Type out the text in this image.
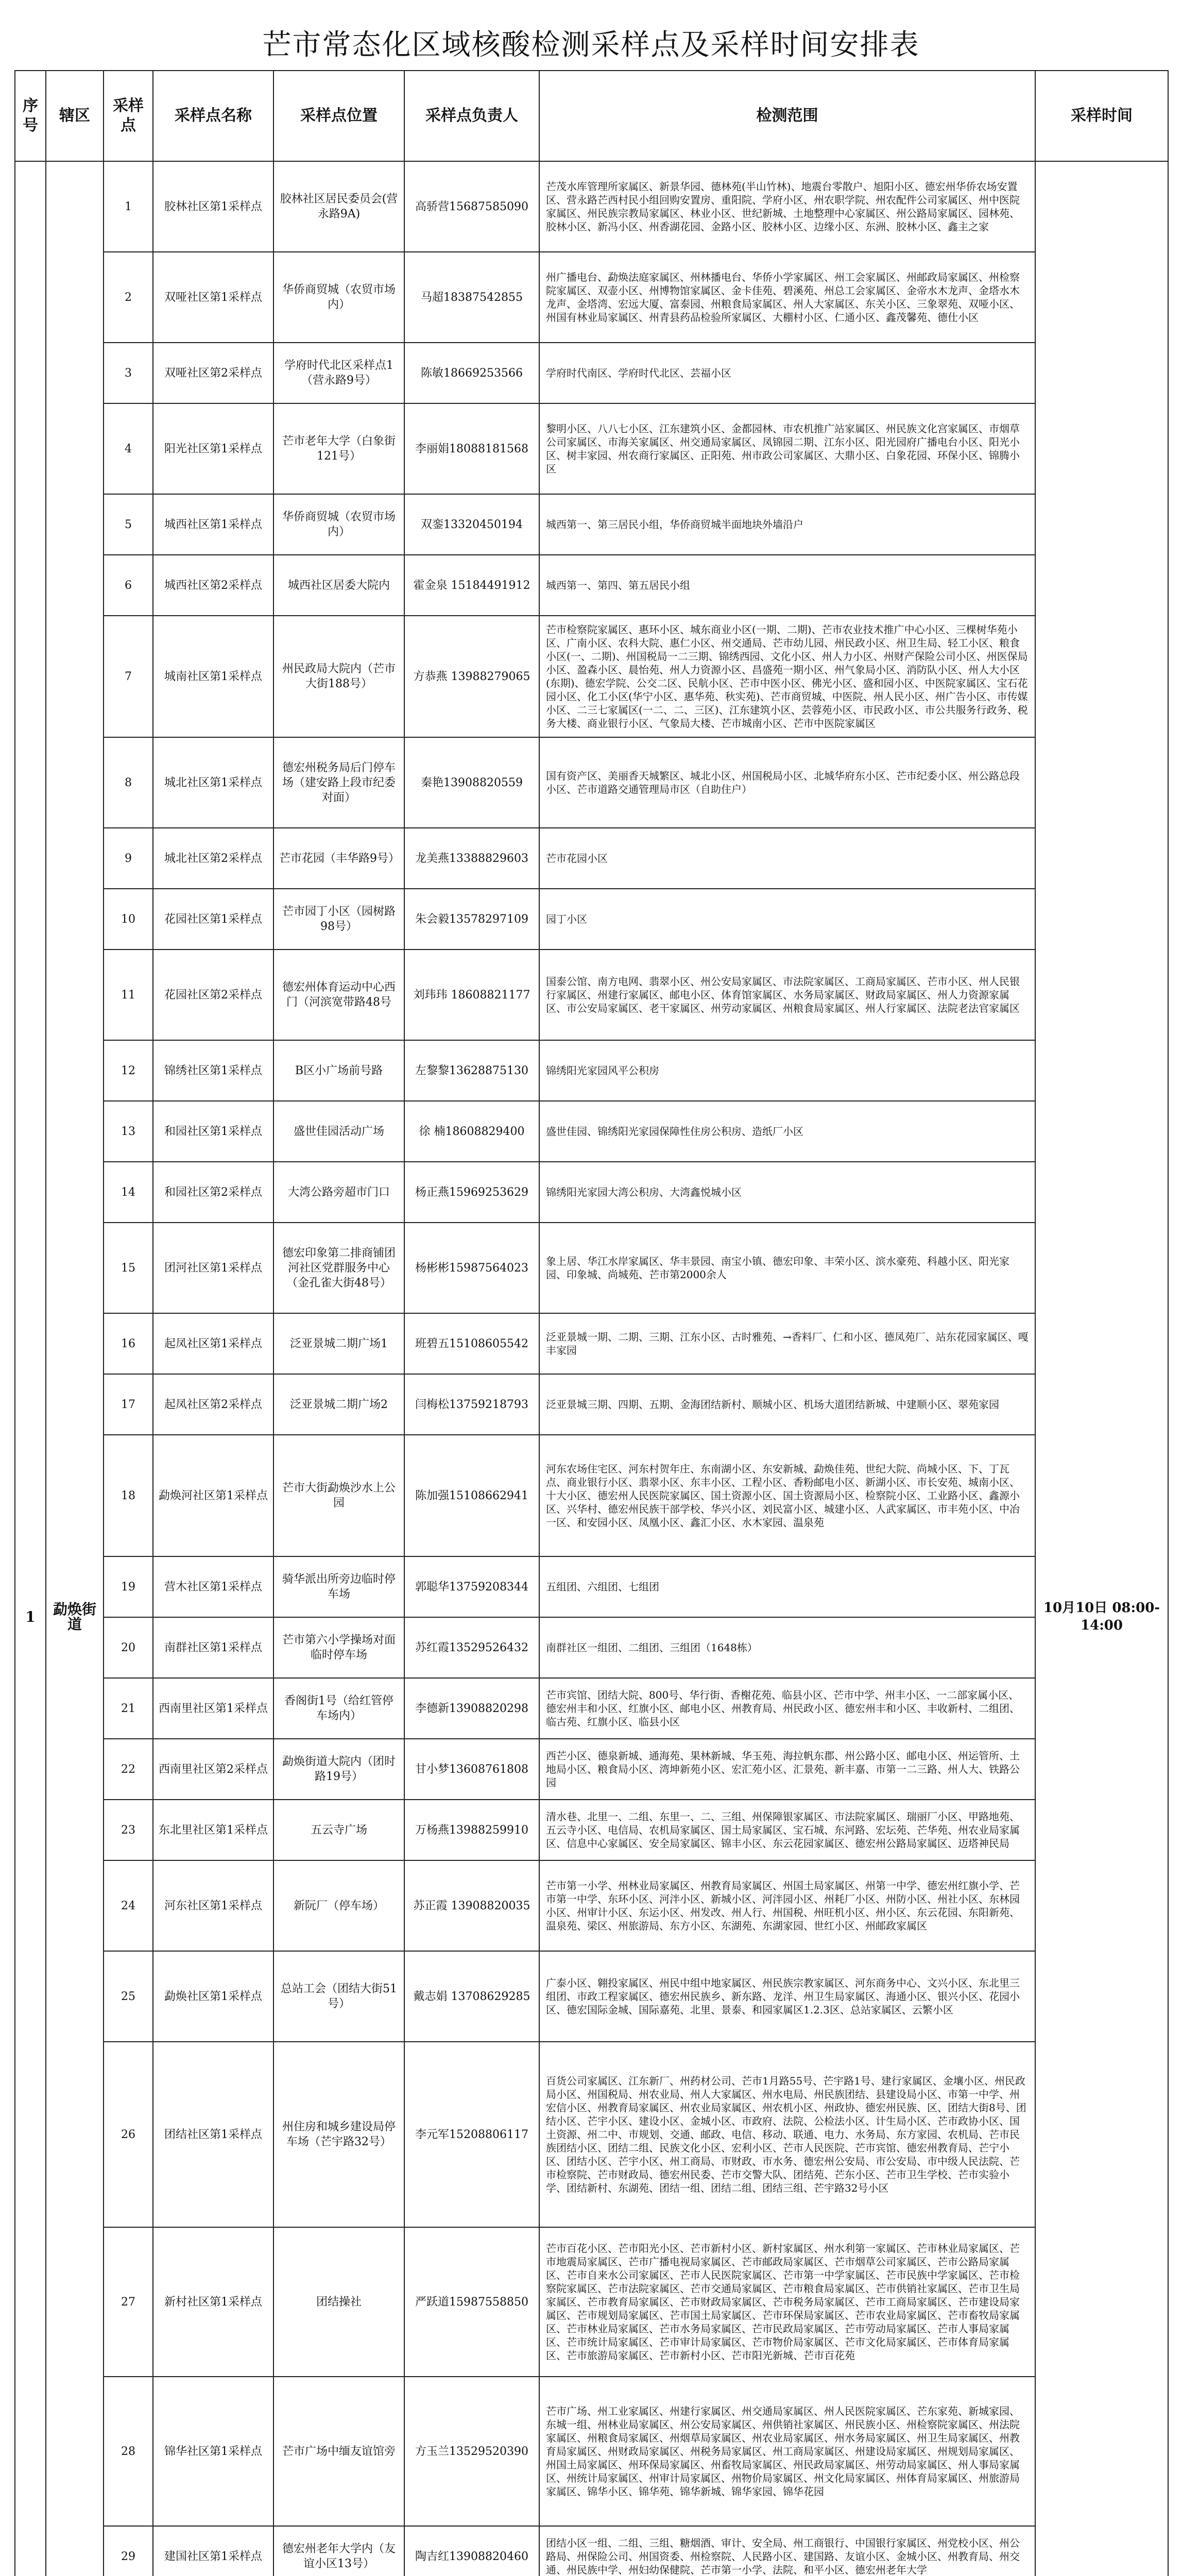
芒市常态化区域核酸检测采样点及采样时间安排表
序号	辖区	采样点	采样点名称	采样点位置	采样点负责人	检测范围	采样时间
1	勐焕街道	1	胶林社区第1采样点	胶林社区居民委员会(营永路9A)	高骄营15687585090	芒茂水库管理所家属区、新景华园、德林苑(半山竹林)、地震台零散户、旭阳小区、德宏州华侨农场安置区、营永路芒西村民小组回购安置房、重阳院、学府小区、州农职学院、州农配件公司家属区、州中医院家属区、州民族宗教局家属区、林业小区、世纪新城、土地整理中心家属区、州公路局家属区、园林苑、胶林小区、新冯小区、州香湖花园、金路小区、胶林小区、边缘小区、东洲、胶林小区、鑫主之家	10月10日 08:00-14:00
		2	双哑社区第1采样点	华侨商贸城（农贸市场内）	马超18387542855	州广播电台、勐焕法庭家属区、州林播电台、华侨小学家属区、州工会家属区、州邮政局家属区、州检察院家属区、双壶小区、州博物馆家属区、金卡佳苑、碧溪苑、州总工会家属区、金帝水木龙声、金塔水木龙声、金塔湾、宏远大厦、富泰园、州粮食局家属区、州人大家属区、东关小区、三象翠苑、双哑小区、州国有林业局家属区、州青县药品检验所家属区、大棚村小区、仁通小区、鑫茂馨苑、德仕小区	
		3	双哑社区第2采样点	学府时代北区采样点1（营永路9号）	陈敏18669253566	学府时代南区、学府时代北区、芸福小区	
		4	阳光社区第1采样点	芒市老年大学（白象街121号）	李丽娟18088181568	黎明小区、八八七小区、江东建筑小区、金都园林、市农机推广站家属区、州民族文化宫家属区、市烟草公司家属区、市海关家属区、州交通局家属区、凤锦园二期、江东小区、阳光园府广播电台小区、阳光小区、树丰家园、州农商行家属区、正阳苑、州市政公司家属区、大鼎小区、白象花园、环保小区、锦腾小区	
		5	城西社区第1采样点	华侨商贸城（农贸市场内）	双銮13320450194	城西第一、第三居民小组，华侨商贸城半面地块外墙沿户	
		6	城西社区第2采样点	城西社区居委大院内	霍金泉 15184491912	城西第一、第四、第五居民小组	
		7	城南社区第1采样点	州民政局大院内（芒市大街188号）	方恭燕 13988279065	芒市检察院家属区、惠环小区、城东商业小区(一期、二期)、芒市农业技术推广中心小区、三棵树华苑小区、广南小区、农科大院、惠仁小区、州交通局、芒市幼儿园、州民政小区、州卫生局、轻工小区、粮食小区(一、二期)、州国税局一二三期、锦绣西园、文化小区、州人力小区、州财产保险公司小区、州医保局小区、盈森小区、晨怡苑、州人力资源小区、昌盛苑一期小区、州气象局小区、消防队小区、州人大小区(东期)、德宏学院、公交二区、民航小区、芒市中医小区、佛光小区、盛和园小区、中医院家属区、宝石花园小区、化工小区(华宁小区、惠华苑、秋实苑)、芒市商贸城、中医院、州人民小区、州广告小区、市传媒小区、二三七家属区(一二、二、三区)、江东建筑小区、芸蓉苑小区、市民政小区、市公共服务行政务、税务大楼、商业银行小区、气象局大楼、芒市城南小区、芒市中医院家属区	
		8	城北社区第1采样点	德宏州税务局后门停车场（建安路上段市纪委对面）	秦艳13908820559	国有资产区、美丽香天城繁区、城北小区、州国税局小区、北城华府东小区、芒市纪委小区、州公路总段小区、芒市道路交通管理局市区（自助住户）	
		9	城北社区第2采样点	芒市花园（丰华路9号）	龙美燕13388829603	芒市花园小区	
		10	花园社区第1采样点	芒市园丁小区（园树路98号）	朱会毅13578297109	园丁小区	
		11	花园社区第2采样点	德宏州体育运动中心西门（河滨宽带路48号	刘玮玮 18608821177	国泰公馆、南方电网、翡翠小区、州公安局家属区、市法院家属区、工商局家属区、芒市小区、州人民银行家属区、州建行家属区、邮电小区、体育馆家属区、水务局家属区、财政局家属区、州人力资源家属区、市公安局家属区、老干家属区、州劳动家属区、州粮食局家属区、州人行家属区、法院老法官家属区	
		12	锦绣社区第1采样点	B区小广场前号路	左黎黎13628875130	锦绣阳光家园风平公积房	
		13	和园社区第1采样点	盛世佳园活动广场	徐 楠18608829400	盛世佳园、锦绣阳光家园保障性住房公积房、造纸厂小区	
		14	和园社区第2采样点	大湾公路旁超市门口	杨正燕15969253629	锦绣阳光家园大湾公积房、大湾鑫悦城小区	
		15	团河社区第1采样点	德宏印象第二排商铺团河社区党群服务中心（金孔雀大街48号）	杨彬彬15987564023	象上居、华江水岸家属区、华丰景园、南宝小镇、德宏印象、丰荣小区、滨水豪苑、科越小区、阳光家园、印象城、尚城苑、芒市第2000余人	
		16	起凤社区第1采样点	泛亚景城二期广场1	班碧五15108605542	泛亚景城一期、二期、三期、江东小区、古时雅苑、→香料厂、仁和小区、德凤苑厂、站东花园家属区、嘎丰家园	
		17	起凤社区第2采样点	泛亚景城二期广场2	闫梅松13759218793	泛亚景城三期、四期、五期、金海团结新村、顺城小区、机场大道团结新城、中建顺小区、翠苑家园	
		18	勐焕河社区第1采样点	芒市大街勐焕沙水上公园	陈加强15108662941	河东农场住宅区、河东村贺年庄、东南湖小区、东安新城、勐焕佳苑、世纪大院、尚城小区、下、丁瓦点、商业银行小区、翡翠小区、东丰小区、工程小区、香粉邮电小区、新湖小区、市长安苑、城南小区、十大小区、德宏州人民医院家属区、国土资源小区、国土资源局小区、检察院小区、工业路小区、鑫源小区、兴华村、德宏州民族干部学校、华兴小区、刘民富小区、城建小区、人武家属区、市丰苑小区、中冶一区、和安园小区、凤凰小区、鑫汇小区、水木家园、温泉苑	
		19	营木社区第1采样点	骑华派出所旁边临时停车场	郭聪华13759208344	五组团、六组团、七组团	
		20	南群社区第1采样点	芒市第六小学操场对面临时停车场	苏红霞13529526432	南群社区一组团、二组团、三组团（1648栋）	
		21	西南里社区第1采样点	香阁街1号（给红管停车场内）	李德新13908820298	芒市宾馆、团结大院、800号、华行街、香榭花苑、临县小区、芒市中学、州丰小区、一二部家属小区、德宏州丰和小区、红旗小区、邮电小区、州教育局、州民政小区、德宏州丰和小区、丰收新村、二组团、临古苑、红旗小区、临县小区	
		22	西南里社区第2采样点	勐焕街道大院内（团时路19号）	甘小梦13608761808	西芒小区、德泉新城、通海苑、果林新城、华玉苑、海拉帆东郡、州公路小区、邮电小区、州运管所、土地局小区、粮食局小区、湾坤新苑小区、宏汇苑小区、汇景苑、新丰嘉、市第一二三路、州人大、铁路公园	
		23	东北里社区第1采样点	五云寺广场	万杨燕13988259910	清水巷、北里一、二组、东里一、二、三组、州保障银家属区、市法院家属区、瑞丽厂小区、甲路地苑、五云寺小区、电信局、农机局家属区、国土局家属区、宝石城、东河路、宏坛苑、芒华苑、州农业局家属区、信息中心家属区、安全局家属区、锦丰小区、东云花园家属区、德宏州公路局家属区、迈塔神民局	
		24	河东社区第1采样点	新阮厂（停车场）	苏正霞 13908820035	芒市第一小学、州林业局家属区、州教育局家属区、州国土局家属区、州第一中学、德宏州红旗小学、芒市第一中学、东环小区、河泮小区、新城小区、河泮园小区、州耗厂小区、州防小区、州社小区、东林园小区、州审计小区、东运小区、州发改、州人行、州国税、州旺机小区、州小区、东云花园、东阳新苑、温泉苑、梁区、州旅游局、东方小区、东湖苑、东湖家园、世红小区、州邮政家属区	
		25	勐焕社区第1采样点	总站工会（团结大街51号）	戴志娟 13708629285	广泰小区、翱投家属区、州民中组中地家属区、州民族宗教家属区、河东商务中心、文兴小区、东北里三组团、市政工程家属区、德宏州民族乡、新东路、龙洋、州卫生局家属区、海通小区、银兴小区、花园小区、德宏国际金城、国际嘉苑、北里、景泰、和园家属区1.2.3区、总站家属区、云繁小区	
		26	团结社区第1采样点	州住房和城乡建设局停车场（芒宇路32号）	李元军15208806117	百货公司家属区、江东新厂、州药材公司、芒市1月路55号、芒宇路1号、建行家属区、金壤小区、州民政局小区、州国税局、州农业局、州人大家属区、州水电局、州民族团结、县建设局小区、市第一中学、州宏信小区、州教育局家属区、州农业局家属区、州农机小区、州政协、德宏州民族、区、团结大街8号、团结小区、芒宇小区、建设小区、金城小区、市政府、法院、公检法小区、计生局小区、芒市政协小区、国土资源、州二中、市规划、交通、邮政、电信、移动、联通、电力、水务局、东方家园、农机局、芒市民族团结小区、团结二组、民族文化小区、宏利小区、芒市人民医院、芒市宾馆、德宏州教育局、芒宁小区、团结小区、芒宇小区、州工商局、市财政、市水务、德宏州公安局、市公安局、市中级人民法院、芒市检察院、芒市财政局、德宏州民委、芒市交警大队、团结苑、芒东小区、芒市卫生学校、芒市实验小学、团结新村、东湖苑、团结一组、团结二组、团结三组、芒宇路32号小区	
		27	新村社区第1采样点	团结操社	严跃道15987558850	芒市百花小区、芒市阳光小区、芒市新村小区、新村家属区、州水利第一家属区、芒市林业局家属区、芒市地震局家属区、芒市广播电视局家属区、芒市邮政局家属区、芒市烟草公司家属区、芒市公路局家属区、芒市自来水公司家属区、芒市人民医院家属区、芒市第一中学家属区、芒市民族中学家属区、芒市检察院家属区、芒市法院家属区、芒市交通局家属区、芒市粮食局家属区、芒市供销社家属区、芒市卫生局家属区、芒市教育局家属区、芒市财政局家属区、芒市税务局家属区、芒市工商局家属区、芒市建设局家属区、芒市规划局家属区、芒市国土局家属区、芒市环保局家属区、芒市农业局家属区、芒市畜牧局家属区、芒市林业局家属区、芒市水务局家属区、芒市民政局家属区、芒市劳动局家属区、芒市人事局家属区、芒市统计局家属区、芒市审计局家属区、芒市物价局家属区、芒市文化局家属区、芒市体育局家属区、芒市旅游局家属区、芒市新村小区、芒市阳光新城、芒市百花苑	
		28	锦华社区第1采样点	芒市广场中缅友谊馆旁	方玉兰13529520390	芒市广场、州工业家属区、州建行家属区、州交通局家属区、州人民医院家属区、芒东家苑、新城家园、东城一组、州林业局家属区、州公安局家属区、州供销社家属区、州民族小区、州检察院家属区、州法院家属区、州粮食局家属区、州烟草局家属区、州农业局家属区、州水务局家属区、州卫生局家属区、州教育局家属区、州财政局家属区、州税务局家属区、州工商局家属区、州建设局家属区、州规划局家属区、州国土局家属区、州环保局家属区、州畜牧局家属区、州民政局家属区、州劳动局家属区、州人事局家属区、州统计局家属区、州审计局家属区、州物价局家属区、州文化局家属区、州体育局家属区、州旅游局家属区、锦华小区、锦华苑、锦华新城、锦华家园、锦华花园	
		29	建国社区第1采样点	德宏州老年大学内（友谊小区13号）	陶吉红13908820460	团结小区一组、二组、三组、糖烟酒、审计、安全局、州工商银行、中国银行家属区、州党校小区、州公路局、州保险公司、州国资委、州检察院、人民路小区、建国路、友谊小区、金城小区、州教育局、州交通、州民族中学、州妇幼保健院、芒市第一小学、法院、和平小区、德宏州老年大学	
